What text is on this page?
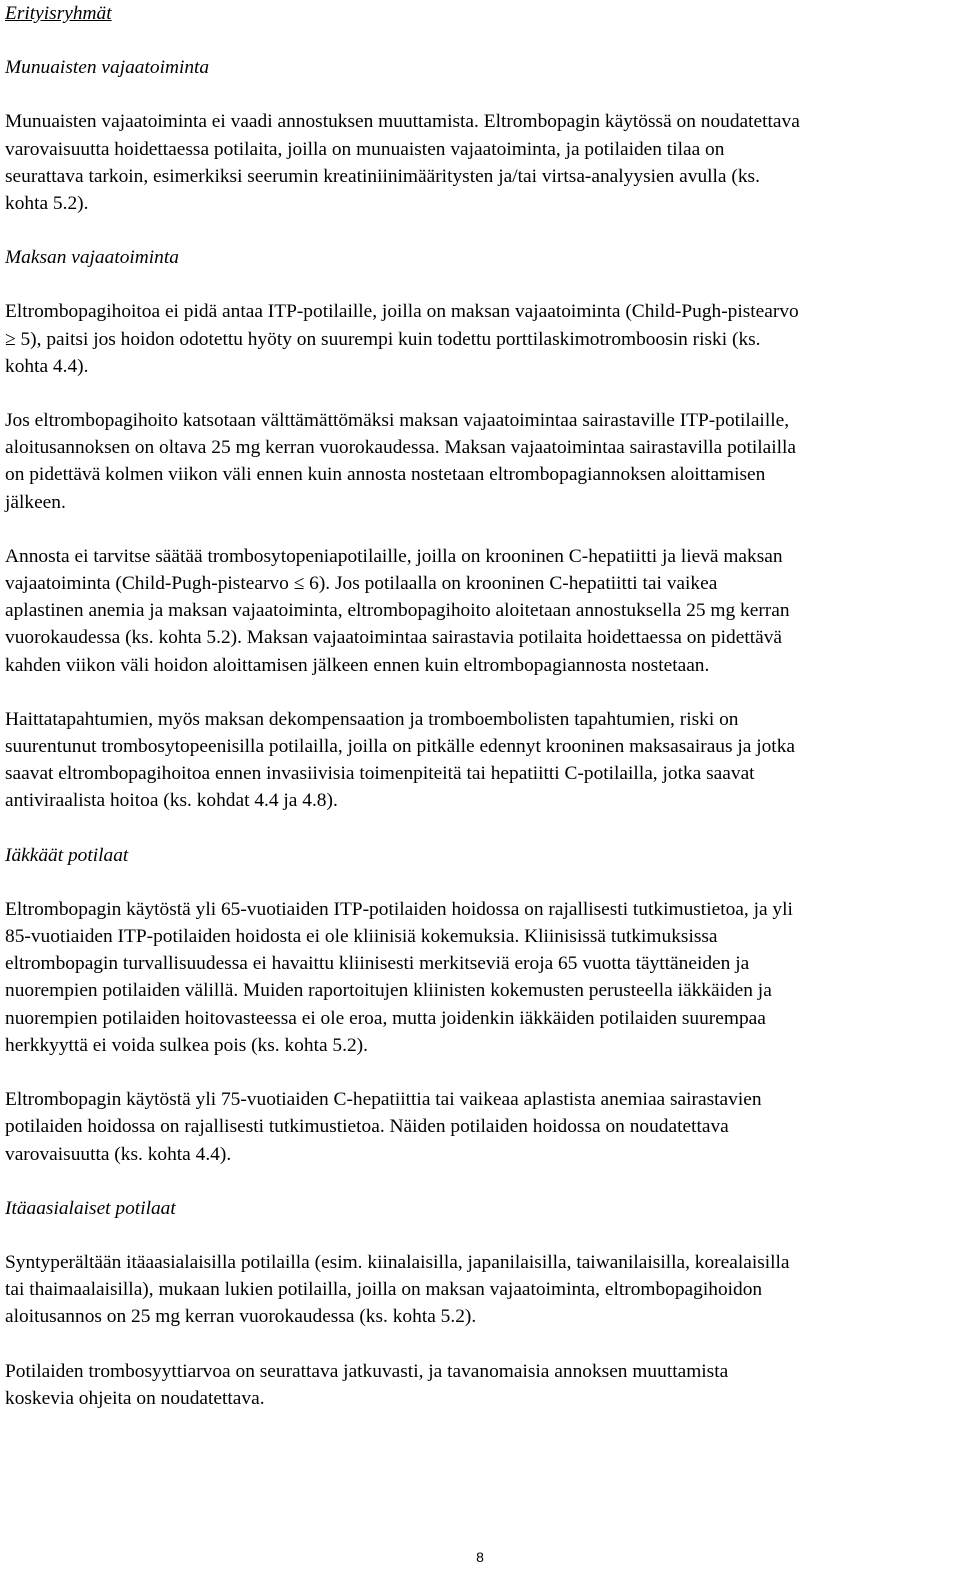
Erityisryhmät
Munuaisten vajaatoiminta

Munuaisten vajaatoiminta ei vaadi annostuksen muuttamista. Eltrombopagin käytössä on noudatettava
varovaisuutta hoidettaessa potilaita, joilla on munuaisten vajaatoiminta, ja potilaiden tilaa on
seurattava tarkoin, esimerkiksi seerumin kreatiniinimääritysten ja/tai virtsa-analyysien avulla (ks.
kohta 5.2).

Maksan vajaatoiminta

Eltrombopagihoitoa ei pidä antaa ITP-potilaille, joilla on maksan vajaatoiminta (Child-Pugh-pistearvo
≥ 5), paitsi jos hoidon odotettu hyöty on suurempi kuin todettu porttilaskimotromboosin riski (ks.
kohta 4.4).

Jos eltrombopagihoito katsotaan välttämättömäksi maksan vajaatoimintaa sairastaville ITP-potilaille,
aloitusannoksen on oltava 25 mg kerran vuorokaudessa. Maksan vajaatoimintaa sairastavilla potilailla
on pidettävä kolmen viikon väli ennen kuin annosta nostetaan eltrombopagiannoksen aloittamisen
jälkeen.

Annosta ei tarvitse säätää trombosytopeniapotilaille, joilla on krooninen C-hepatiitti ja lievä maksan
vajaatoiminta (Child-Pugh-pistearvo ≤ 6). Jos potilaalla on krooninen C-hepatiitti tai vaikea
aplastinen anemia ja maksan vajaatoiminta, eltrombopagihoito aloitetaan annostuksella 25 mg kerran
vuorokaudessa (ks. kohta 5.2). Maksan vajaatoimintaa sairastavia potilaita hoidettaessa on pidettävä
kahden viikon väli hoidon aloittamisen jälkeen ennen kuin eltrombopagiannosta nostetaan.

Haittatapahtumien, myös maksan dekompensaation ja tromboembolisten tapahtumien, riski on
suurentunut trombosytopeenisilla potilailla, joilla on pitkälle edennyt krooninen maksasairaus ja jotka
saavat eltrombopagihoitoa ennen invasiivisia toimenpiteitä tai hepatiitti C-potilailla, jotka saavat
antiviraalista hoitoa (ks. kohdat 4.4 ja 4.8).

Iäkkäät potilaat

Eltrombopagin käytöstä yli 65-vuotiaiden ITP-potilaiden hoidossa on rajallisesti tutkimustietoa, ja yli
85-vuotiaiden ITP-potilaiden hoidosta ei ole kliinisiä kokemuksia. Kliinisissä tutkimuksissa
eltrombopagin turvallisuudessa ei havaittu kliinisesti merkitseviä eroja 65 vuotta täyttäneiden ja
nuorempien potilaiden välillä. Muiden raportoitujen kliinisten kokemusten perusteella iäkkäiden ja
nuorempien potilaiden hoitovasteessa ei ole eroa, mutta joidenkin iäkkäiden potilaiden suurempaa
herkkyyttä ei voida sulkea pois (ks. kohta 5.2).

Eltrombopagin käytöstä yli 75-vuotiaiden C-hepatiittia tai vaikeaa aplastista anemiaa sairastavien
potilaiden hoidossa on rajallisesti tutkimustietoa. Näiden potilaiden hoidossa on noudatettava
varovaisuutta (ks. kohta 4.4).

Itäaasialaiset potilaat

Syntyperältään itäaasialaisilla potilailla (esim. kiinalaisilla, japanilaisilla, taiwanilaisilla, korealaisilla
tai thaimaalaisilla), mukaan lukien potilailla, joilla on maksan vajaatoiminta, eltrombopagihoidon
aloitusannos on 25 mg kerran vuorokaudessa (ks. kohta 5.2).

Potilaiden trombosyyttiarvoa on seurattava jatkuvasti, ja tavanomaisia annoksen muuttamista
koskevia ohjeita on noudatettava.

8
